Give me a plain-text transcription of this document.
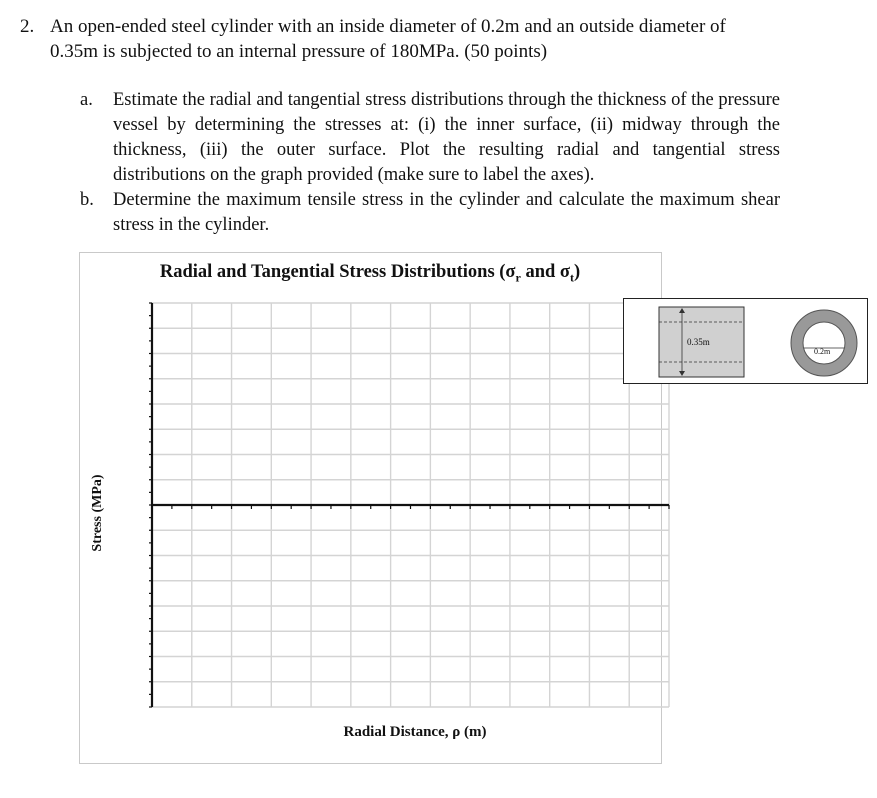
2. An open-ended steel cylinder with an inside diameter of 0.2m and an outside diameter of
0.35m is subjected to an internal pressure of 180MPa. (50 points)
a. Estimate the radial and tangential stress distributions through the thickness of the pressure vessel by determining the stresses at: (i) the inner surface, (ii) midway through the thickness, (iii) the outer surface. Plot the resulting radial and tangential stress distributions on the graph provided (make sure to label the axes).
b. Determine the maximum tensile stress in the cylinder and calculate the maximum shear stress in the cylinder.
Radial and Tangential Stress Distributions ($\sigma_r$ and $\sigma_t$)
Stress (MPa)
Radial Distance, ρ (m)
0.35m
0.2m
